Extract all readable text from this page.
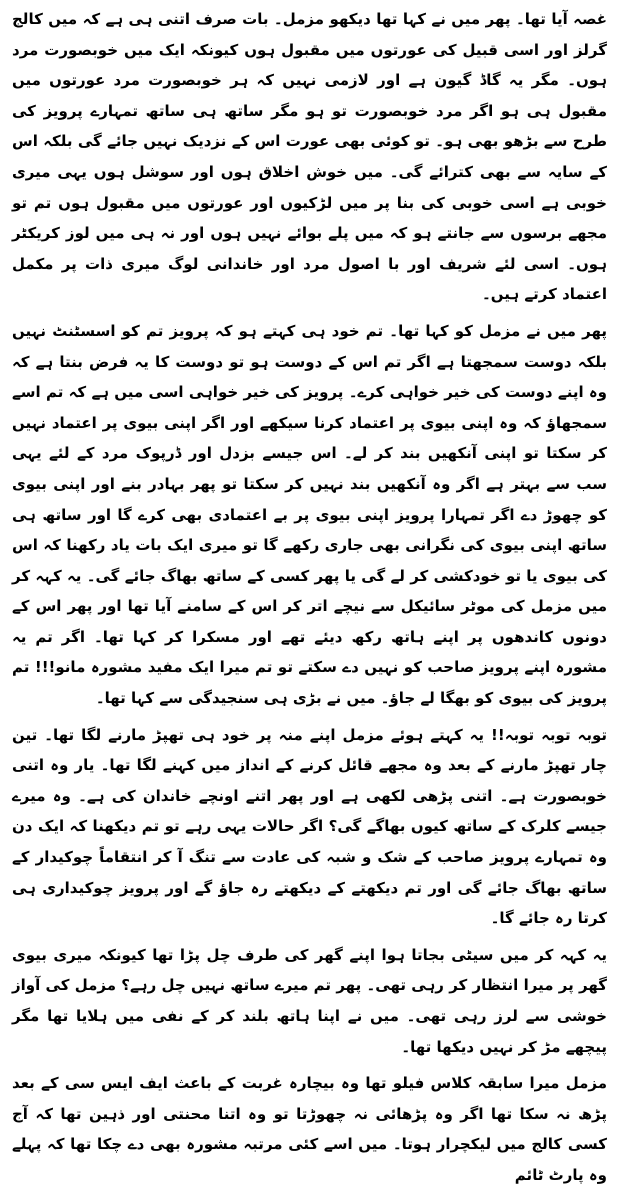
غصہ آیا تھا۔ پھر میں نے کہا تھا دیکھو مزمل۔ بات صرف اتنی ہی ہے کہ میں کالج گرلز اور اسی قبیل کی عورتوں میں مقبول ہوں کیونکہ ایک میں خوبصورت مرد ہوں۔ مگر یہ گاڈ گیون ہے اور لازمی نہیں کہ ہر خوبصورت مرد عورتوں میں مقبول ہی ہو اگر مرد خوبصورت تو ہو مگر ساتھ ہی ساتھ تمہارے پرویز کی طرح سے بڑھو بھی ہو۔ تو کوئی بھی عورت اس کے نزدیک نہیں جائے گی بلکہ اس کے سایہ سے بھی کترائے گی۔ میں خوش اخلاق ہوں اور سوشل ہوں یہی میری خوبی ہے اسی خوبی کی بنا پر میں لڑکیوں اور عورتوں میں مقبول ہوں تم تو مجھے برسوں سے جانتے ہو کہ میں پلے بوائے نہیں ہوں اور نہ ہی میں لوز کریکٹر ہوں۔ اسی لئے شریف اور با اصول مرد اور خاندانی لوگ میری ذات پر مکمل اعتماد کرتے ہیں۔

پھر میں نے مزمل کو کہا تھا۔ تم خود ہی کہتے ہو کہ پرویز تم کو اسسٹنٹ نہیں بلکہ دوست سمجھتا ہے اگر تم اس کے دوست ہو تو دوست کا یہ فرض بنتا ہے کہ وہ اپنے دوست کی خیر خواہی کرے۔ پرویز کی خیر خواہی اسی میں ہے کہ تم اسے سمجھاؤ کہ وہ اپنی بیوی پر اعتماد کرنا سیکھے اور اگر اپنی بیوی پر اعتماد نہیں کر سکتا تو اپنی آنکھیں بند کر لے۔ اس جیسے بزدل اور ڈرپوک مرد کے لئے یہی سب سے بہتر ہے اگر وہ آنکھیں بند نہیں کر سکتا تو پھر بہادر بنے اور اپنی بیوی کو چھوڑ دے اگر تمہارا پرویز اپنی بیوی پر بے اعتمادی بھی کرے گا اور ساتھ ہی ساتھ اپنی بیوی کی نگرانی بھی جاری رکھے گا تو میری ایک بات یاد رکھنا کہ اس کی بیوی یا تو خودکشی کر لے گی یا پھر کسی کے ساتھ بھاگ جائے گی۔ یہ کہہ کر میں مزمل کی موٹر سائیکل سے نیچے اتر کر اس کے سامنے آیا تھا اور پھر اس کے دونوں کاندھوں پر اپنے ہاتھ رکھ دیئے تھے اور مسکرا کر کہا تھا۔ اگر تم یہ مشورہ اپنے پرویز صاحب کو نہیں دے سکتے تو تم میرا ایک مفید مشورہ مانو!!! تم پرویز کی بیوی کو بھگا لے جاؤ۔ میں نے بڑی ہی سنجیدگی سے کہا تھا۔

توبہ توبہ توبہ!! یہ کہتے ہوئے مزمل اپنے منہ پر خود ہی تھپڑ مارنے لگا تھا۔ تین چار تھپڑ مارنے کے بعد وہ مجھے قائل کرنے کے انداز میں کہنے لگا تھا۔ یار وہ اتنی خوبصورت ہے۔ اتنی پڑھی لکھی ہے اور پھر اتنے اونچے خاندان کی ہے۔ وہ میرے جیسے کلرک کے ساتھ کیوں بھاگے گی؟ اگر حالات یہی رہے تو تم دیکھنا کہ ایک دن وہ تمہارے پرویز صاحب کے شک و شبہ کی عادت سے تنگ آ کر انتقاماً چوکیدار کے ساتھ بھاگ جائے گی اور تم دیکھتے کے دیکھتے رہ جاؤ گے اور پرویز چوکیداری ہی کرتا رہ جائے گا۔

یہ کہہ کر میں سیٹی بجاتا ہوا اپنے گھر کی طرف چل پڑا تھا کیونکہ میری بیوی گھر پر میرا انتظار کر رہی تھی۔ پھر تم میرے ساتھ نہیں چل رہے؟ مزمل کی آواز خوشی سے لرز رہی تھی۔ میں نے اپنا ہاتھ بلند کر کے نفی میں ہلایا تھا مگر پیچھے مڑ کر نہیں دیکھا تھا۔

مزمل میرا سابقہ کلاس فیلو تھا وہ بیچارہ غربت کے باعث ایف ایس سی کے بعد پڑھ نہ سکا تھا اگر وہ پڑھائی نہ چھوڑتا تو وہ اتنا محنتی اور ذہین تھا کہ آج کسی کالج میں لیکچرار ہوتا۔ میں اسے کئی مرتبہ مشورہ بھی دے چکا تھا کہ پہلے وہ پارٹ ٹائم
